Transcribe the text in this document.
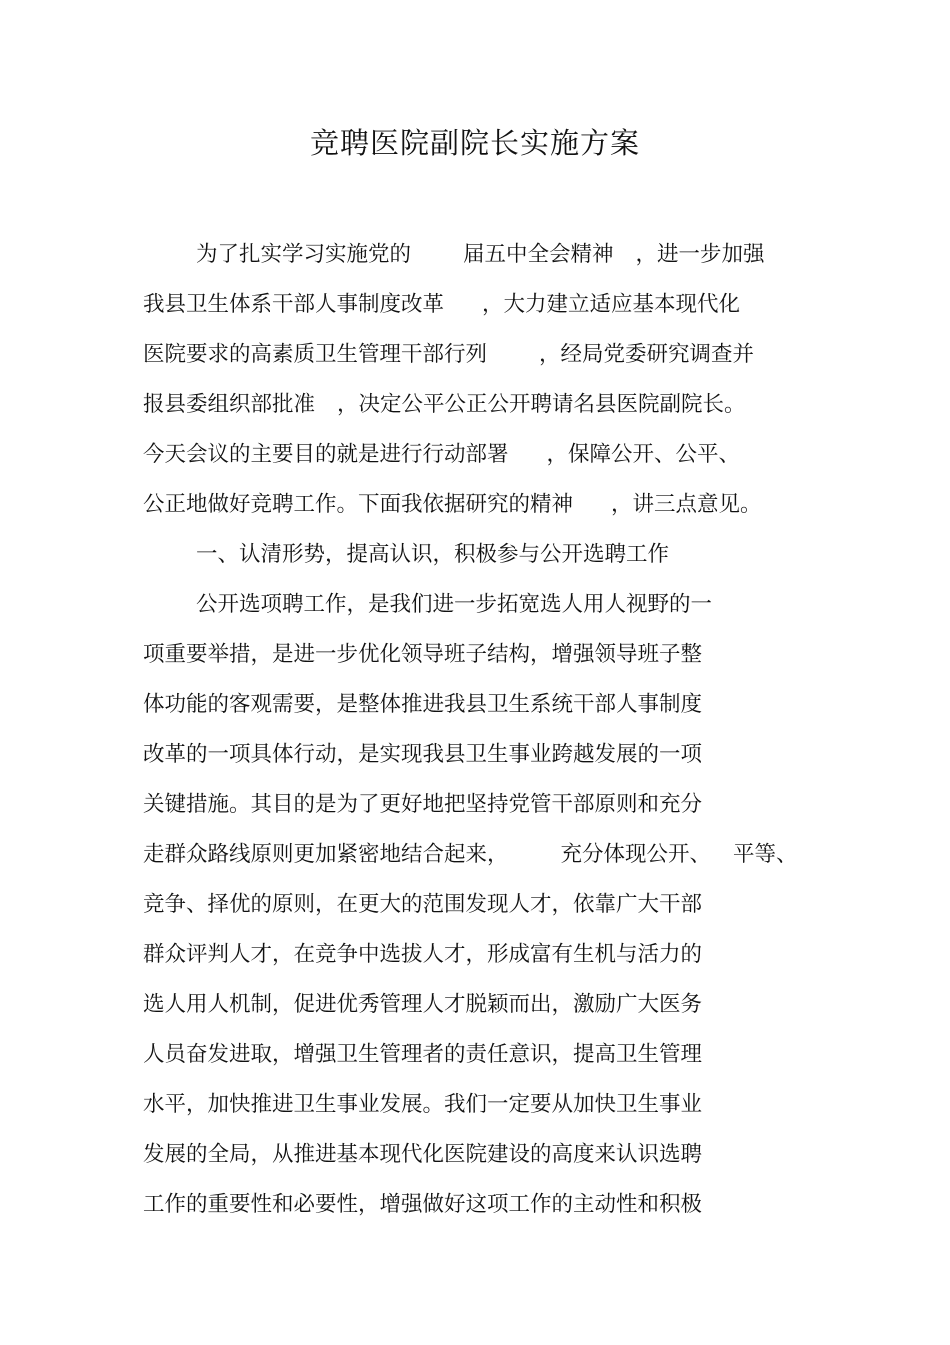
竞聘医院副院长实施方案
为了扎实学习实施党的 届五中全会精神 ，进一步加强
我县卫生体系干部人事制度改革 ，大力建立适应基本现代化
医院要求的高素质卫生管理干部行列 ，经局党委研究调查并
报县委组织部批准 ，决定公平公正公开聘请名县医院副院长。
今天会议的主要目的就是进行行动部署 ，保障公开、公平、
公正地做好竞聘工作。下面我依据研究的精神 ，讲三点意见。
一、认清形势，提高认识，积极参与公开选聘工作
公开选项聘工作，是我们进一步拓宽选人用人视野的一
项重要举措，是进一步优化领导班子结构，增强领导班子整
体功能的客观需要，是整体推进我县卫生系统干部人事制度
改革的一项具体行动，是实现我县卫生事业跨越发展的一项
关键措施。其目的是为了更好地把坚持党管干部原则和充分
走群众路线原则更加紧密地结合起来， 充分体现公开、 平等、
竞争、择优的原则，在更大的范围发现人才，依靠广大干部
群众评判人才，在竞争中选拔人才，形成富有生机与活力的
选人用人机制，促进优秀管理人才脱颖而出，激励广大医务
人员奋发进取，增强卫生管理者的责任意识，提高卫生管理
水平，加快推进卫生事业发展。我们一定要从加快卫生事业
发展的全局，从推进基本现代化医院建设的高度来认识选聘
工作的重要性和必要性，增强做好这项工作的主动性和积极
